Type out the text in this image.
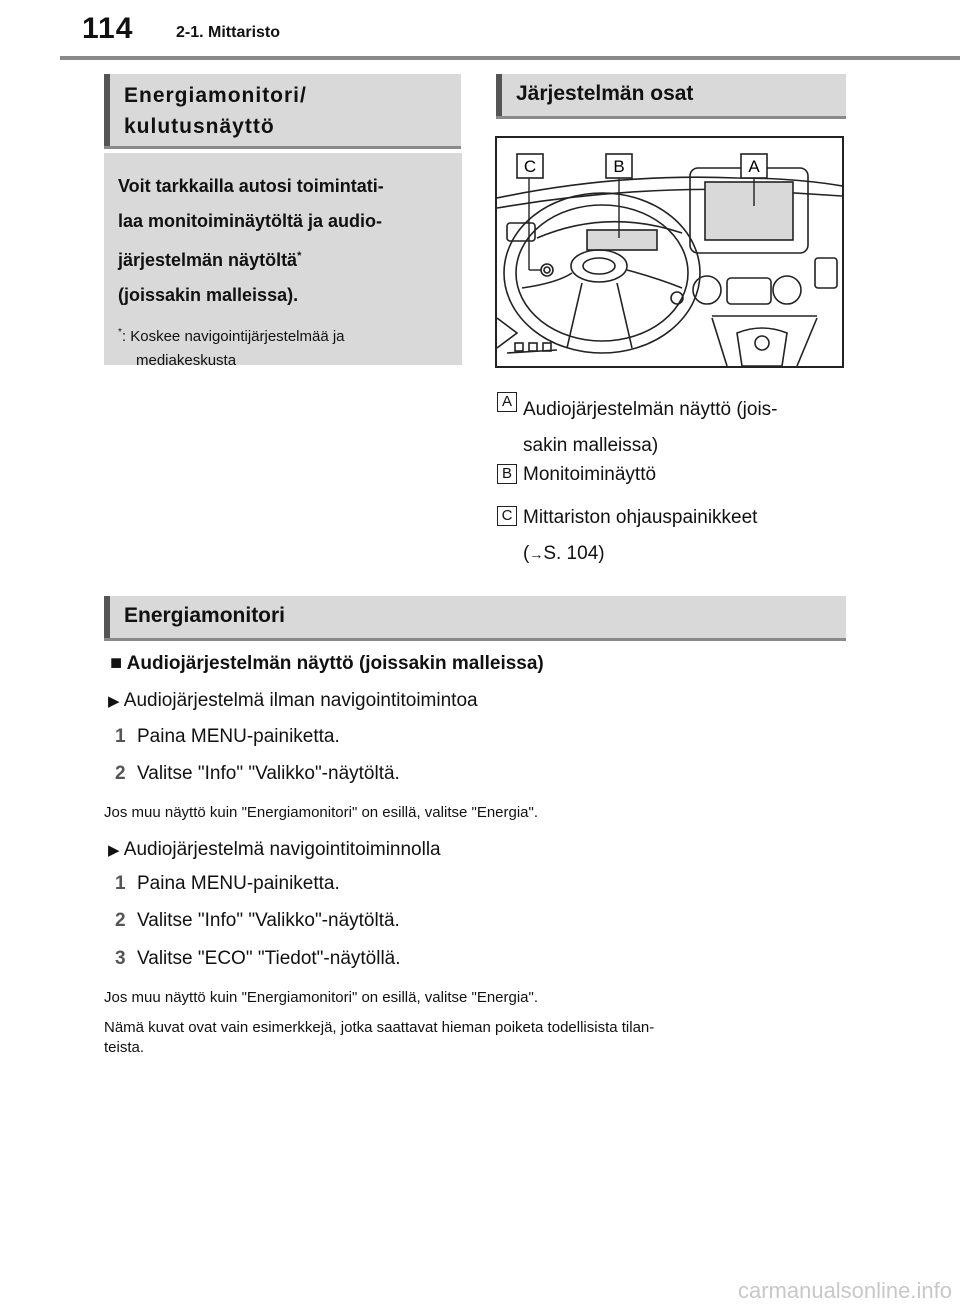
114	2-1. Mittaristo
Energiamonitori/
kulutusnäyttö
Voit tarkkailla autosi toimintati-
laa monitoiminäytöltä ja audio-
järjestelmän näytöltä*
(joissakin malleissa).
*: Koskee navigointijärjestelmää ja
mediakeskusta
Järjestelmän osat
C	B	A
A Audiojärjestelmän näyttö (jois-
sakin malleissa)
B Monitoiminäyttö
C Mittariston ohjauspainikkeet
(→S. 104)
Energiamonitori
■ Audiojärjestelmän näyttö (joissakin malleissa)
▶ Audiojärjestelmä ilman navigointitoimintoa
1 Paina MENU-painiketta.
2 Valitse "Info" "Valikko"-näytöltä.
Jos muu näyttö kuin "Energiamonitori" on esillä, valitse "Energia".
▶ Audiojärjestelmä navigointitoiminnolla
1 Paina MENU-painiketta.
2 Valitse "Info" "Valikko"-näytöltä.
3 Valitse "ECO" "Tiedot"-näytöllä.
Jos muu näyttö kuin "Energiamonitori" on esillä, valitse "Energia".
Nämä kuvat ovat vain esimerkkejä, jotka saattavat hieman poiketa todellisista tilan-
teista.
carmanualsonline.info
